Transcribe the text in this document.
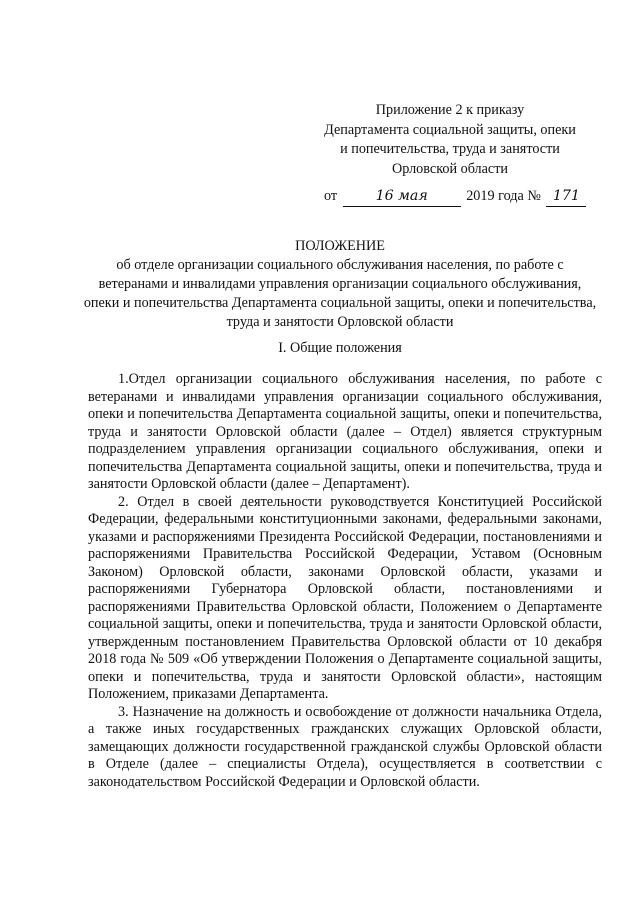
Приложение 2 к приказу
Департамента социальной защиты, опеки
и попечительства, труда и занятости
Орловской области
от	16 мая	2019 года № 171
ПОЛОЖЕНИЕ
об отделе организации социального обслуживания населения, по работе с ветеранами и инвалидами управления организации социального обслуживания, опеки и попечительства Департамента социальной защиты, опеки и попечительства, труда и занятости Орловской области
I. Общие положения

1.Отдел организации социального обслуживания населения, по работе с ветеранами и инвалидами управления организации социального обслуживания, опеки и попечительства Департамента социальной защиты, опеки и попечительства, труда и занятости Орловской области (далее – Отдел) является структурным подразделением управления организации социального обслуживания, опеки и попечительства Департамента социальной защиты, опеки и попечительства, труда и занятости Орловской области (далее – Департамент).

2. Отдел в своей деятельности руководствуется Конституцией Российской Федерации, федеральными конституционными законами, федеральными законами, указами и распоряжениями Президента Российской Федерации, постановлениями и распоряжениями Правительства Российской Федерации, Уставом (Основным Законом) Орловской области, законами Орловской области, указами и распоряжениями Губернатора Орловской области, постановлениями и распоряжениями Правительства Орловской области, Положением о Департаменте социальной защиты, опеки и попечительства, труда и занятости Орловской области, утвержденным постановлением Правительства Орловской области от 10 декабря 2018 года № 509 «Об утверждении Положения о Департаменте социальной защиты, опеки и попечительства, труда и занятости Орловской области», настоящим Положением, приказами Департамента.

3. Назначение на должность и освобождение от должности начальника Отдела, а также иных государственных гражданских служащих Орловской области, замещающих должности государственной гражданской службы Орловской области в Отделе (далее – специалисты Отдела), осуществляется в соответствии с законодательством Российской Федерации и Орловской области.
